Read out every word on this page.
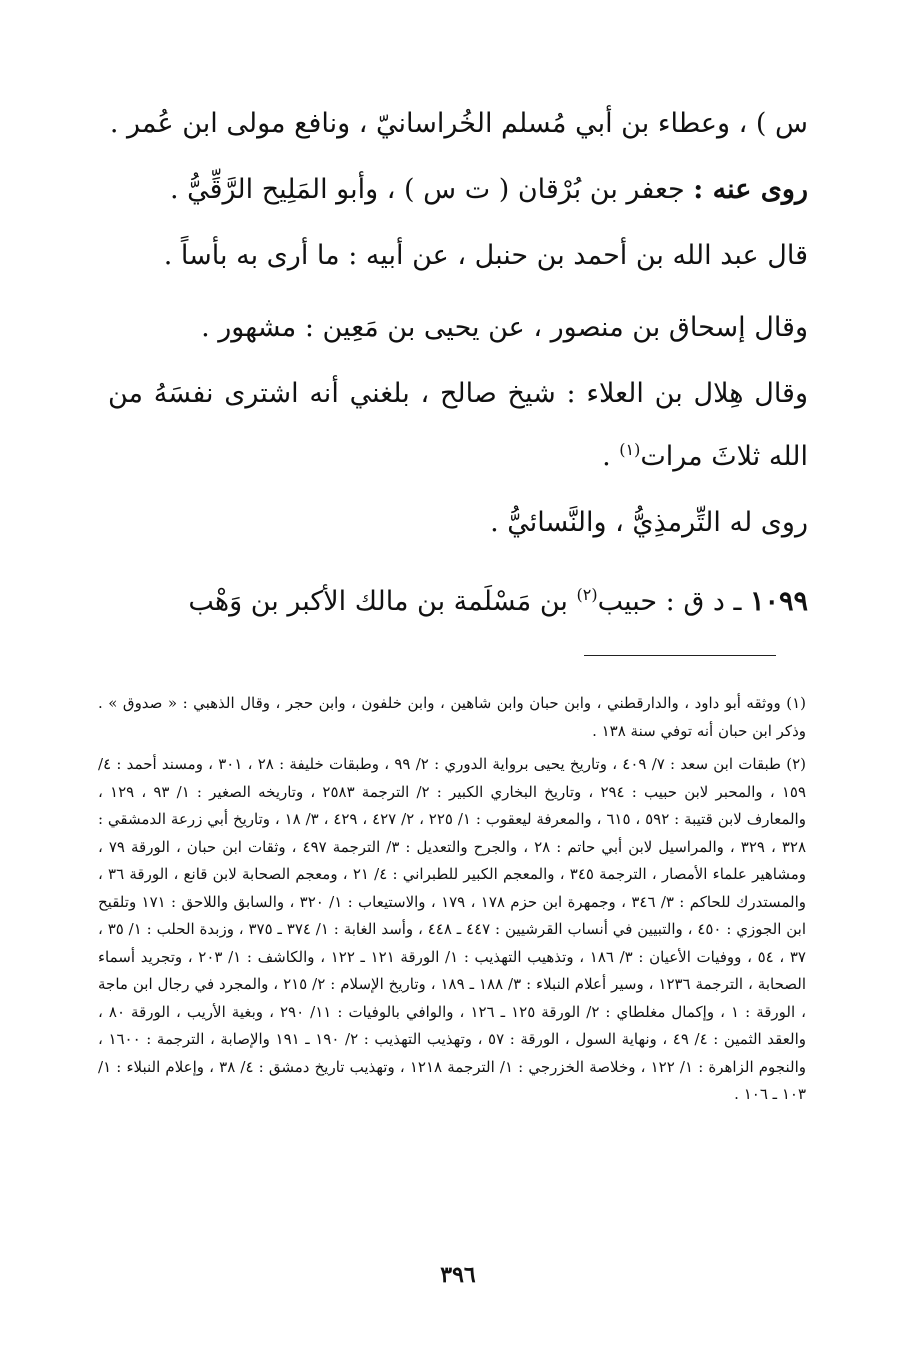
س ) ، وعطاء بن أبي مُسلم الخُراسانيّ ، ونافع مولى ابن عُمر .

روى عنه : جعفر بن بُرْقان ( ت س ) ، وأبو المَلِيح الرَّقِّيُّ .

قال عبد الله بن أحمد بن حنبل ، عن أبيه : ما أرى به بأساً .

وقال إسحاق بن منصور ، عن يحيى بن مَعِين : مشهور .

وقال هِلال بن العلاء : شيخ صالح ، بلغني أنه اشترى نفسَهُ من الله ثلاثَ مرات$^{(١)}$ .

روى له التِّرمذِيُّ ، والنَّسائيُّ .

١٠٩٩ ـ د ق : حبيب$^{(٢)}$ بن مَسْلَمة بن مالك الأكبر بن وَهْب

(١) ووثقه أبو داود ، والدارقطني ، وابن حبان وابن شاهين ، وابن خلفون ، وابن حجر ، وقال الذهبي : « صدوق » . وذكر ابن حبان أنه توفي سنة ١٣٨ .

(٢) طبقات ابن سعد : ٧/ ٤٠٩ ، وتاريخ يحيى برواية الدوري : ٢/ ٩٩ ، وطبقات خليفة : ٢٨ ، ٣٠١ ، ومسند أحمد : ٤/ ١٥٩ ، والمحبر لابن حبيب : ٢٩٤ ، وتاريخ البخاري الكبير : ٢/ الترجمة ٢٥٨٣ ، وتاريخه الصغير : ١/ ٩٣ ، ١٢٩ ، والمعارف لابن قتيبة : ٥٩٢ ، ٦١٥ ، والمعرفة ليعقوب : ١/ ٢٢٥ ، ٢/ ٤٢٧ ، ٤٢٩ ، ٣/ ١٨ ، وتاريخ أبي زرعة الدمشقي : ٣٢٨ ، ٣٢٩ ، والمراسيل لابن أبي حاتم : ٢٨ ، والجرح والتعديل : ٣/ الترجمة ٤٩٧ ، وثقات ابن حبان ، الورقة ٧٩ ، ومشاهير علماء الأمصار ، الترجمة ٣٤٥ ، والمعجم الكبير للطبراني : ٤/ ٢١ ، ومعجم الصحابة لابن قانع ، الورقة ٣٦ ، والمستدرك للحاكم : ٣/ ٣٤٦ ، وجمهرة ابن حزم ١٧٨ ، ١٧٩ ، والاستيعاب : ١/ ٣٢٠ ، والسابق واللاحق : ١٧١ وتلقيح ابن الجوزي : ٤٥٠ ، والتبيين في أنساب القرشيين : ٤٤٧ ـ ٤٤٨ ، وأسد الغابة : ١/ ٣٧٤ ـ ٣٧٥ ، وزبدة الحلب : ١/ ٣٥ ، ٣٧ ، ٥٤ ، ووفيات الأعيان : ٣/ ١٨٦ ، وتذهيب التهذيب : ١/ الورقة ١٢١ ـ ١٢٢ ، والكاشف : ١/ ٢٠٣ ، وتجريد أسماء الصحابة ، الترجمة ١٢٣٦ ، وسير أعلام النبلاء : ٣/ ١٨٨ ـ ١٨٩ ، وتاريخ الإسلام : ٢/ ٢١٥ ، والمجرد في رجال ابن ماجة ، الورقة : ١ ، وإكمال مغلطاي : ٢/ الورقة ١٢٥ ـ ١٢٦ ، والوافي بالوفيات : ١١/ ٢٩٠ ، وبغية الأريب ، الورقة ٨٠ ، والعقد الثمين : ٤/ ٤٩ ، ونهاية السول ، الورقة : ٥٧ ، وتهذيب التهذيب : ٢/ ١٩٠ ـ ١٩١ والإصابة ، الترجمة : ١٦٠٠ ، والنجوم الزاهرة : ١/ ١٢٢ ، وخلاصة الخزرجي : ١/ الترجمة ١٢١٨ ، وتهذيب تاريخ دمشق : ٤/ ٣٨ ، وإعلام النبلاء : ١/ ١٠٣ ـ ١٠٦ .

٣٩٦
